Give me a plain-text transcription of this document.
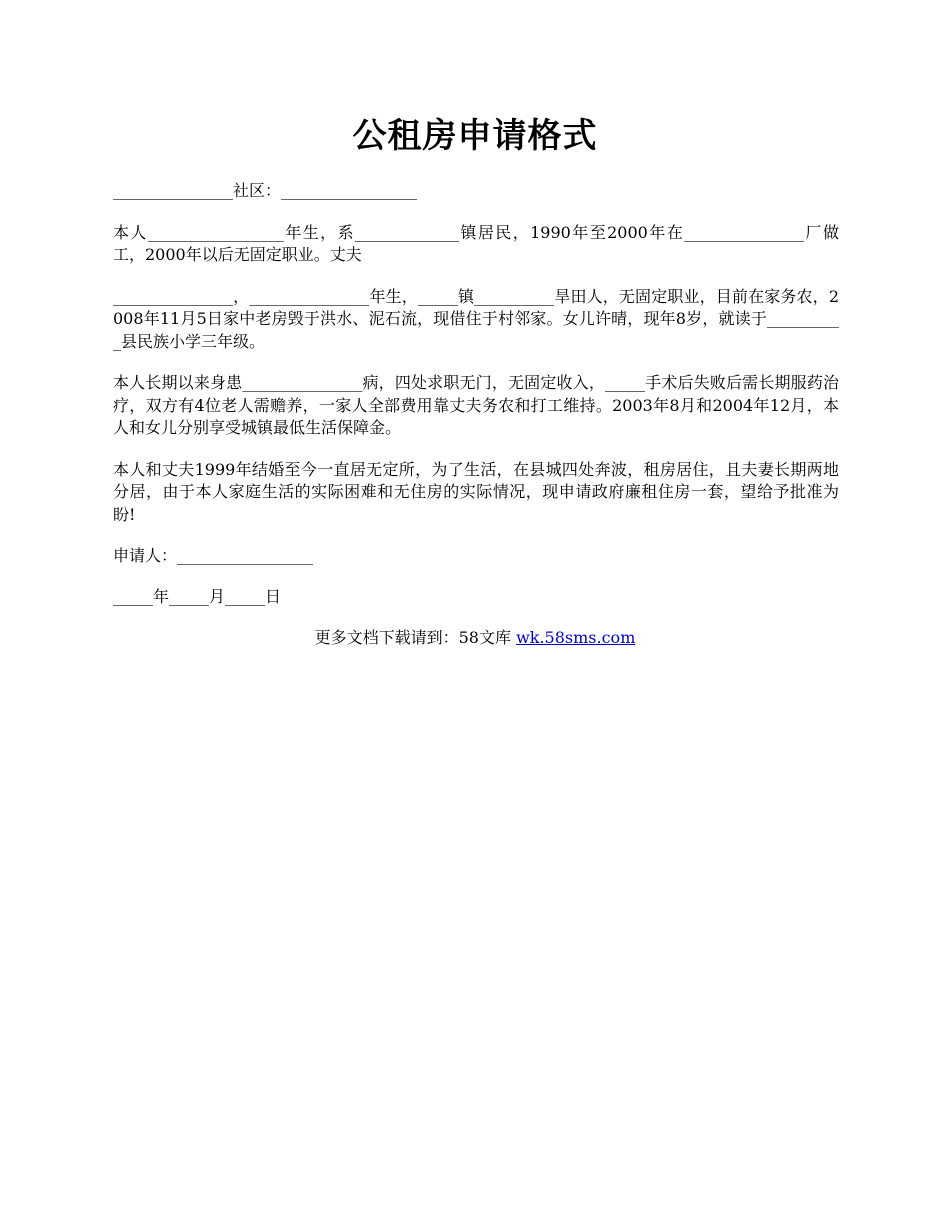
公租房申请格式

_______________社区：_________________

本人_________________年生，系_____________镇居民，1990年至2000年在_______________厂做工，2000年以后无固定职业。丈夫

_______________，_______________年生，_____镇__________旱田人，无固定职业，目前在家务农，2008年11月5日家中老房毁于洪水、泥石流，现借住于村邻家。女儿许晴，现年8岁，就读于__________县民族小学三年级。

本人长期以来身患_______________病，四处求职无门，无固定收入，_____手术后失败后需长期服药治疗，双方有4位老人需赡养，一家人全部费用靠丈夫务农和打工维持。2003年8月和2004年12月，本人和女儿分别享受城镇最低生活保障金。

本人和丈夫1999年结婚至今一直居无定所，为了生活，在县城四处奔波，租房居住，且夫妻长期两地分居，由于本人家庭生活的实际困难和无住房的实际情况，现申请政府廉租住房一套，望给予批准为盼!

申请人：_________________

_____年_____月_____日

更多文档下载请到：58文库 wk.58sms.com
